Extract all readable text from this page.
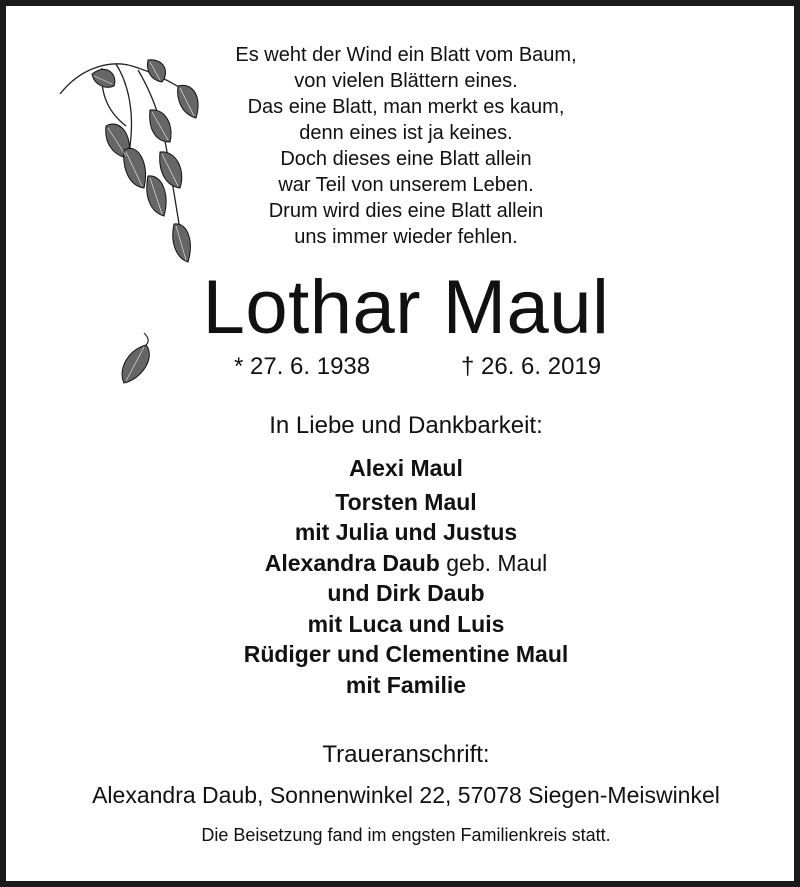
Es weht der Wind ein Blatt vom Baum,
von vielen Blättern eines.
Das eine Blatt, man merkt es kaum,
denn eines ist ja keines.
Doch dieses eine Blatt allein
war Teil von unserem Leben.
Drum wird dies eine Blatt allein
uns immer wieder fehlen.
Lothar Maul
* 27. 6. 1938	† 26. 6. 2019
In Liebe und Dankbarkeit:
Alexi Maul
Torsten Maul
mit Julia und Justus
Alexandra Daub geb. Maul
und Dirk Daub
mit Luca und Luis
Rüdiger und Clementine Maul
mit Familie
Traueranschrift:
Alexandra Daub, Sonnenwinkel 22, 57078 Siegen-Meiswinkel
Die Beisetzung fand im engsten Familienkreis statt.
